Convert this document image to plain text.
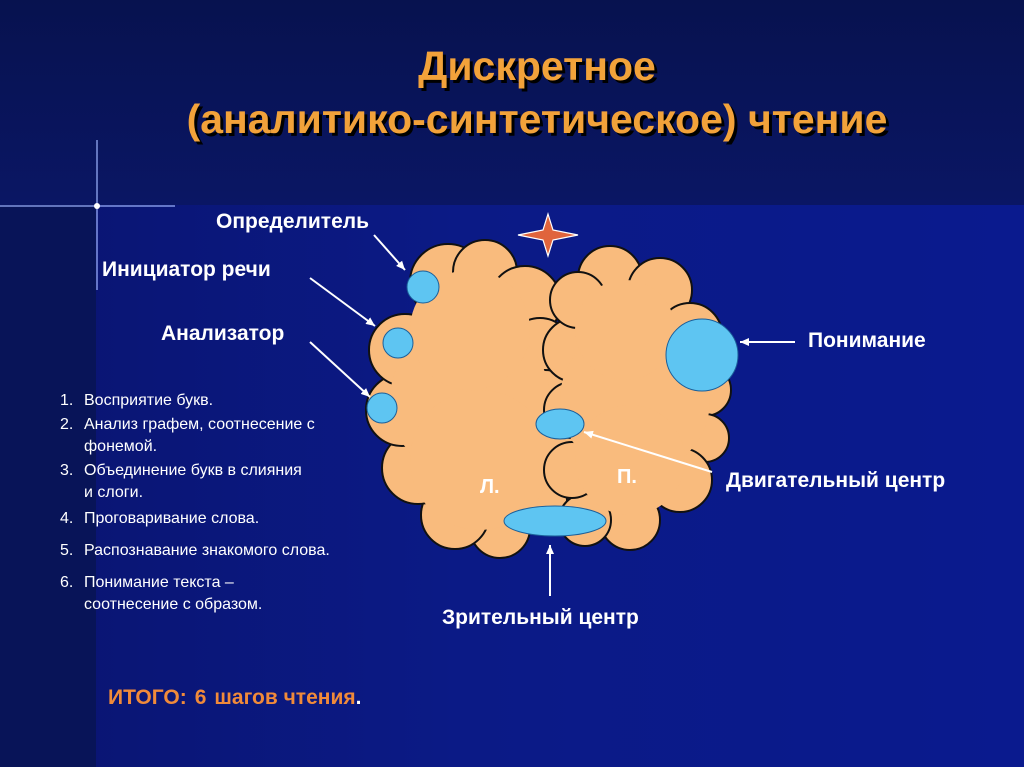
Дискретное
(аналитико-синтетическое) чтение
Определитель
Инициатор речи
Анализатор	Понимание
Двигательный центр
Зрительный центр
Л.	П.
1. Восприятие букв.
2. Анализ графем, соотнесение с фонемой.
3. Объединение букв в слияния и слоги.
4. Проговаривание слова.
5. Распознавание знакомого слова.
6. Понимание текста – соотнесение с образом.
ИТОГО: 6 шагов чтения.
